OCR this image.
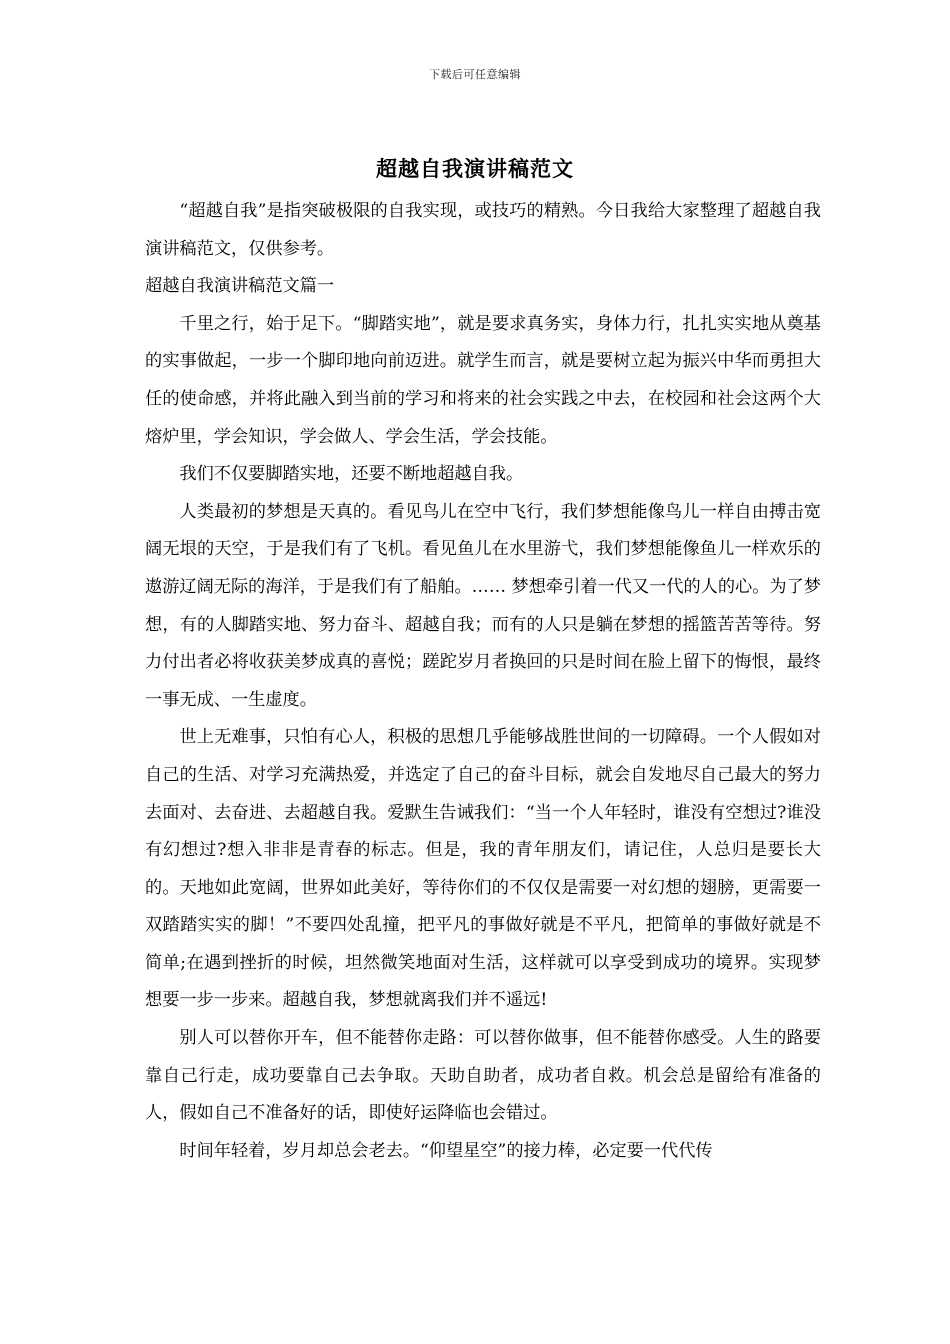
下载后可任意编辑
超越自我演讲稿范文

“超越自我”是指突破极限的自我实现，或技巧的精熟。今日我给大家整理了超越自我演讲稿范文，仅供参考。

超越自我演讲稿范文篇一

千里之行，始于足下。“脚踏实地”，就是要求真务实，身体力行，扎扎实实地从奠基的实事做起，一步一个脚印地向前迈进。就学生而言，就是要树立起为振兴中华而勇担大任的使命感，并将此融入到当前的学习和将来的社会实践之中去，在校园和社会这两个大熔炉里，学会知识，学会做人、学会生活，学会技能。

我们不仅要脚踏实地，还要不断地超越自我。

人类最初的梦想是天真的。看见鸟儿在空中飞行，我们梦想能像鸟儿一样自由搏击宽阔无垠的天空，于是我们有了飞机。看见鱼儿在水里游弋，我们梦想能像鱼儿一样欢乐的遨游辽阔无际的海洋，于是我们有了船舶。…… 梦想牵引着一代又一代的人的心。为了梦想，有的人脚踏实地、努力奋斗、超越自我；而有的人只是躺在梦想的摇篮苦苦等待。努力付出者必将收获美梦成真的喜悦；蹉跎岁月者换回的只是时间在脸上留下的悔恨，最终一事无成、一生虚度。

世上无难事，只怕有心人，积极的思想几乎能够战胜世间的一切障碍。一个人假如对自己的生活、对学习充满热爱，并选定了自己的奋斗目标，就会自发地尽自己最大的努力去面对、去奋进、去超越自我。爱默生告诫我们：“当一个人年轻时，谁没有空想过?谁没有幻想过?想入非非是青春的标志。但是，我的青年朋友们，请记住，人总归是要长大的。天地如此宽阔，世界如此美好，等待你们的不仅仅是需要一对幻想的翅膀，更需要一双踏踏实实的脚！”不要四处乱撞，把平凡的事做好就是不平凡，把简单的事做好就是不简单;在遇到挫折的时候，坦然微笑地面对生活，这样就可以享受到成功的境界。实现梦想要一步一步来。超越自我，梦想就离我们并不遥远!

别人可以替你开车，但不能替你走路：可以替你做事，但不能替你感受。人生的路要靠自己行走，成功要靠自己去争取。天助自助者，成功者自救。机会总是留给有准备的人，假如自己不准备好的话，即使好运降临也会错过。

时间年轻着，岁月却总会老去。“仰望星空”的接力棒，必定要一代代传
